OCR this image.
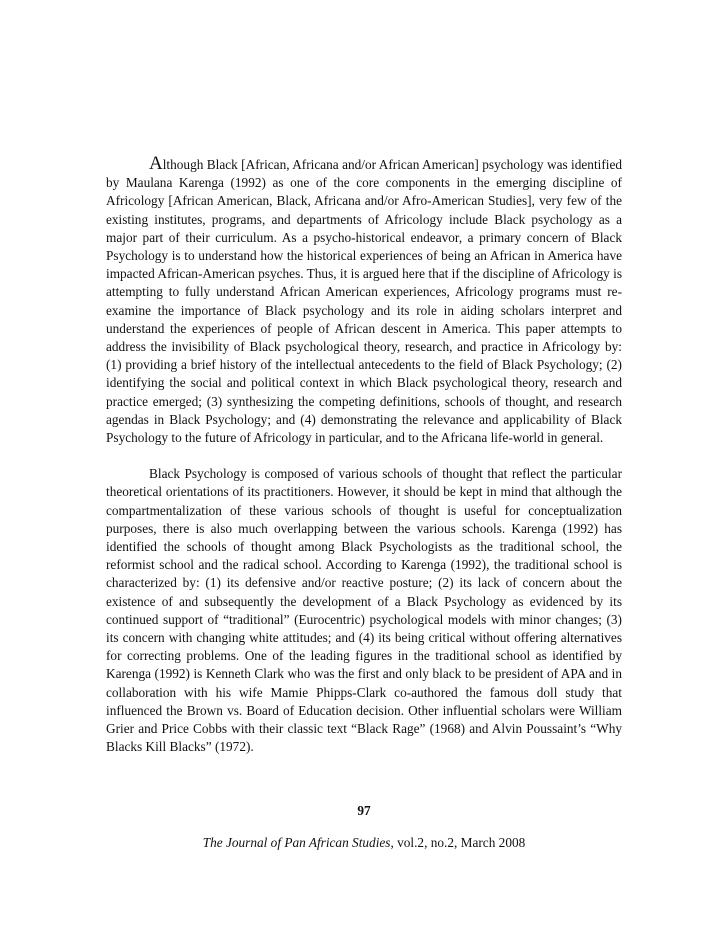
Although Black [African, Africana and/or African American] psychology was identified by Maulana Karenga (1992) as one of the core components in the emerging discipline of Africology [African American, Black, Africana and/or Afro-American Studies], very few of the existing institutes, programs, and departments of Africology include Black psychology as a major part of their curriculum. As a psycho-historical endeavor, a primary concern of Black Psychology is to understand how the historical experiences of being an African in America have impacted African-American psyches. Thus, it is argued here that if the discipline of Africology is attempting to fully understand African American experiences, Africology programs must re-examine the importance of Black psychology and its role in aiding scholars interpret and understand the experiences of people of African descent in America. This paper attempts to address the invisibility of Black psychological theory, research, and practice in Africology by: (1) providing a brief history of the intellectual antecedents to the field of Black Psychology; (2) identifying the social and political context in which Black psychological theory, research and practice emerged; (3) synthesizing the competing definitions, schools of thought, and research agendas in Black Psychology; and (4) demonstrating the relevance and applicability of Black Psychology to the future of Africology in particular, and to the Africana life-world in general.

Black Psychology is composed of various schools of thought that reflect the particular theoretical orientations of its practitioners. However, it should be kept in mind that although the compartmentalization of these various schools of thought is useful for conceptualization purposes, there is also much overlapping between the various schools. Karenga (1992) has identified the schools of thought among Black Psychologists as the traditional school, the reformist school and the radical school. According to Karenga (1992), the traditional school is characterized by: (1) its defensive and/or reactive posture; (2) its lack of concern about the existence of and subsequently the development of a Black Psychology as evidenced by its continued support of “traditional” (Eurocentric) psychological models with minor changes; (3) its concern with changing white attitudes; and (4) its being critical without offering alternatives for correcting problems. One of the leading figures in the traditional school as identified by Karenga (1992) is Kenneth Clark who was the first and only black to be president of APA and in collaboration with his wife Mamie Phipps-Clark co-authored the famous doll study that influenced the Brown vs. Board of Education decision. Other influential scholars were William Grier and Price Cobbs with their classic text “Black Rage” (1968) and Alvin Poussaint’s “Why Blacks Kill Blacks” (1972).

97
The Journal of Pan African Studies, vol.2, no.2, March 2008
